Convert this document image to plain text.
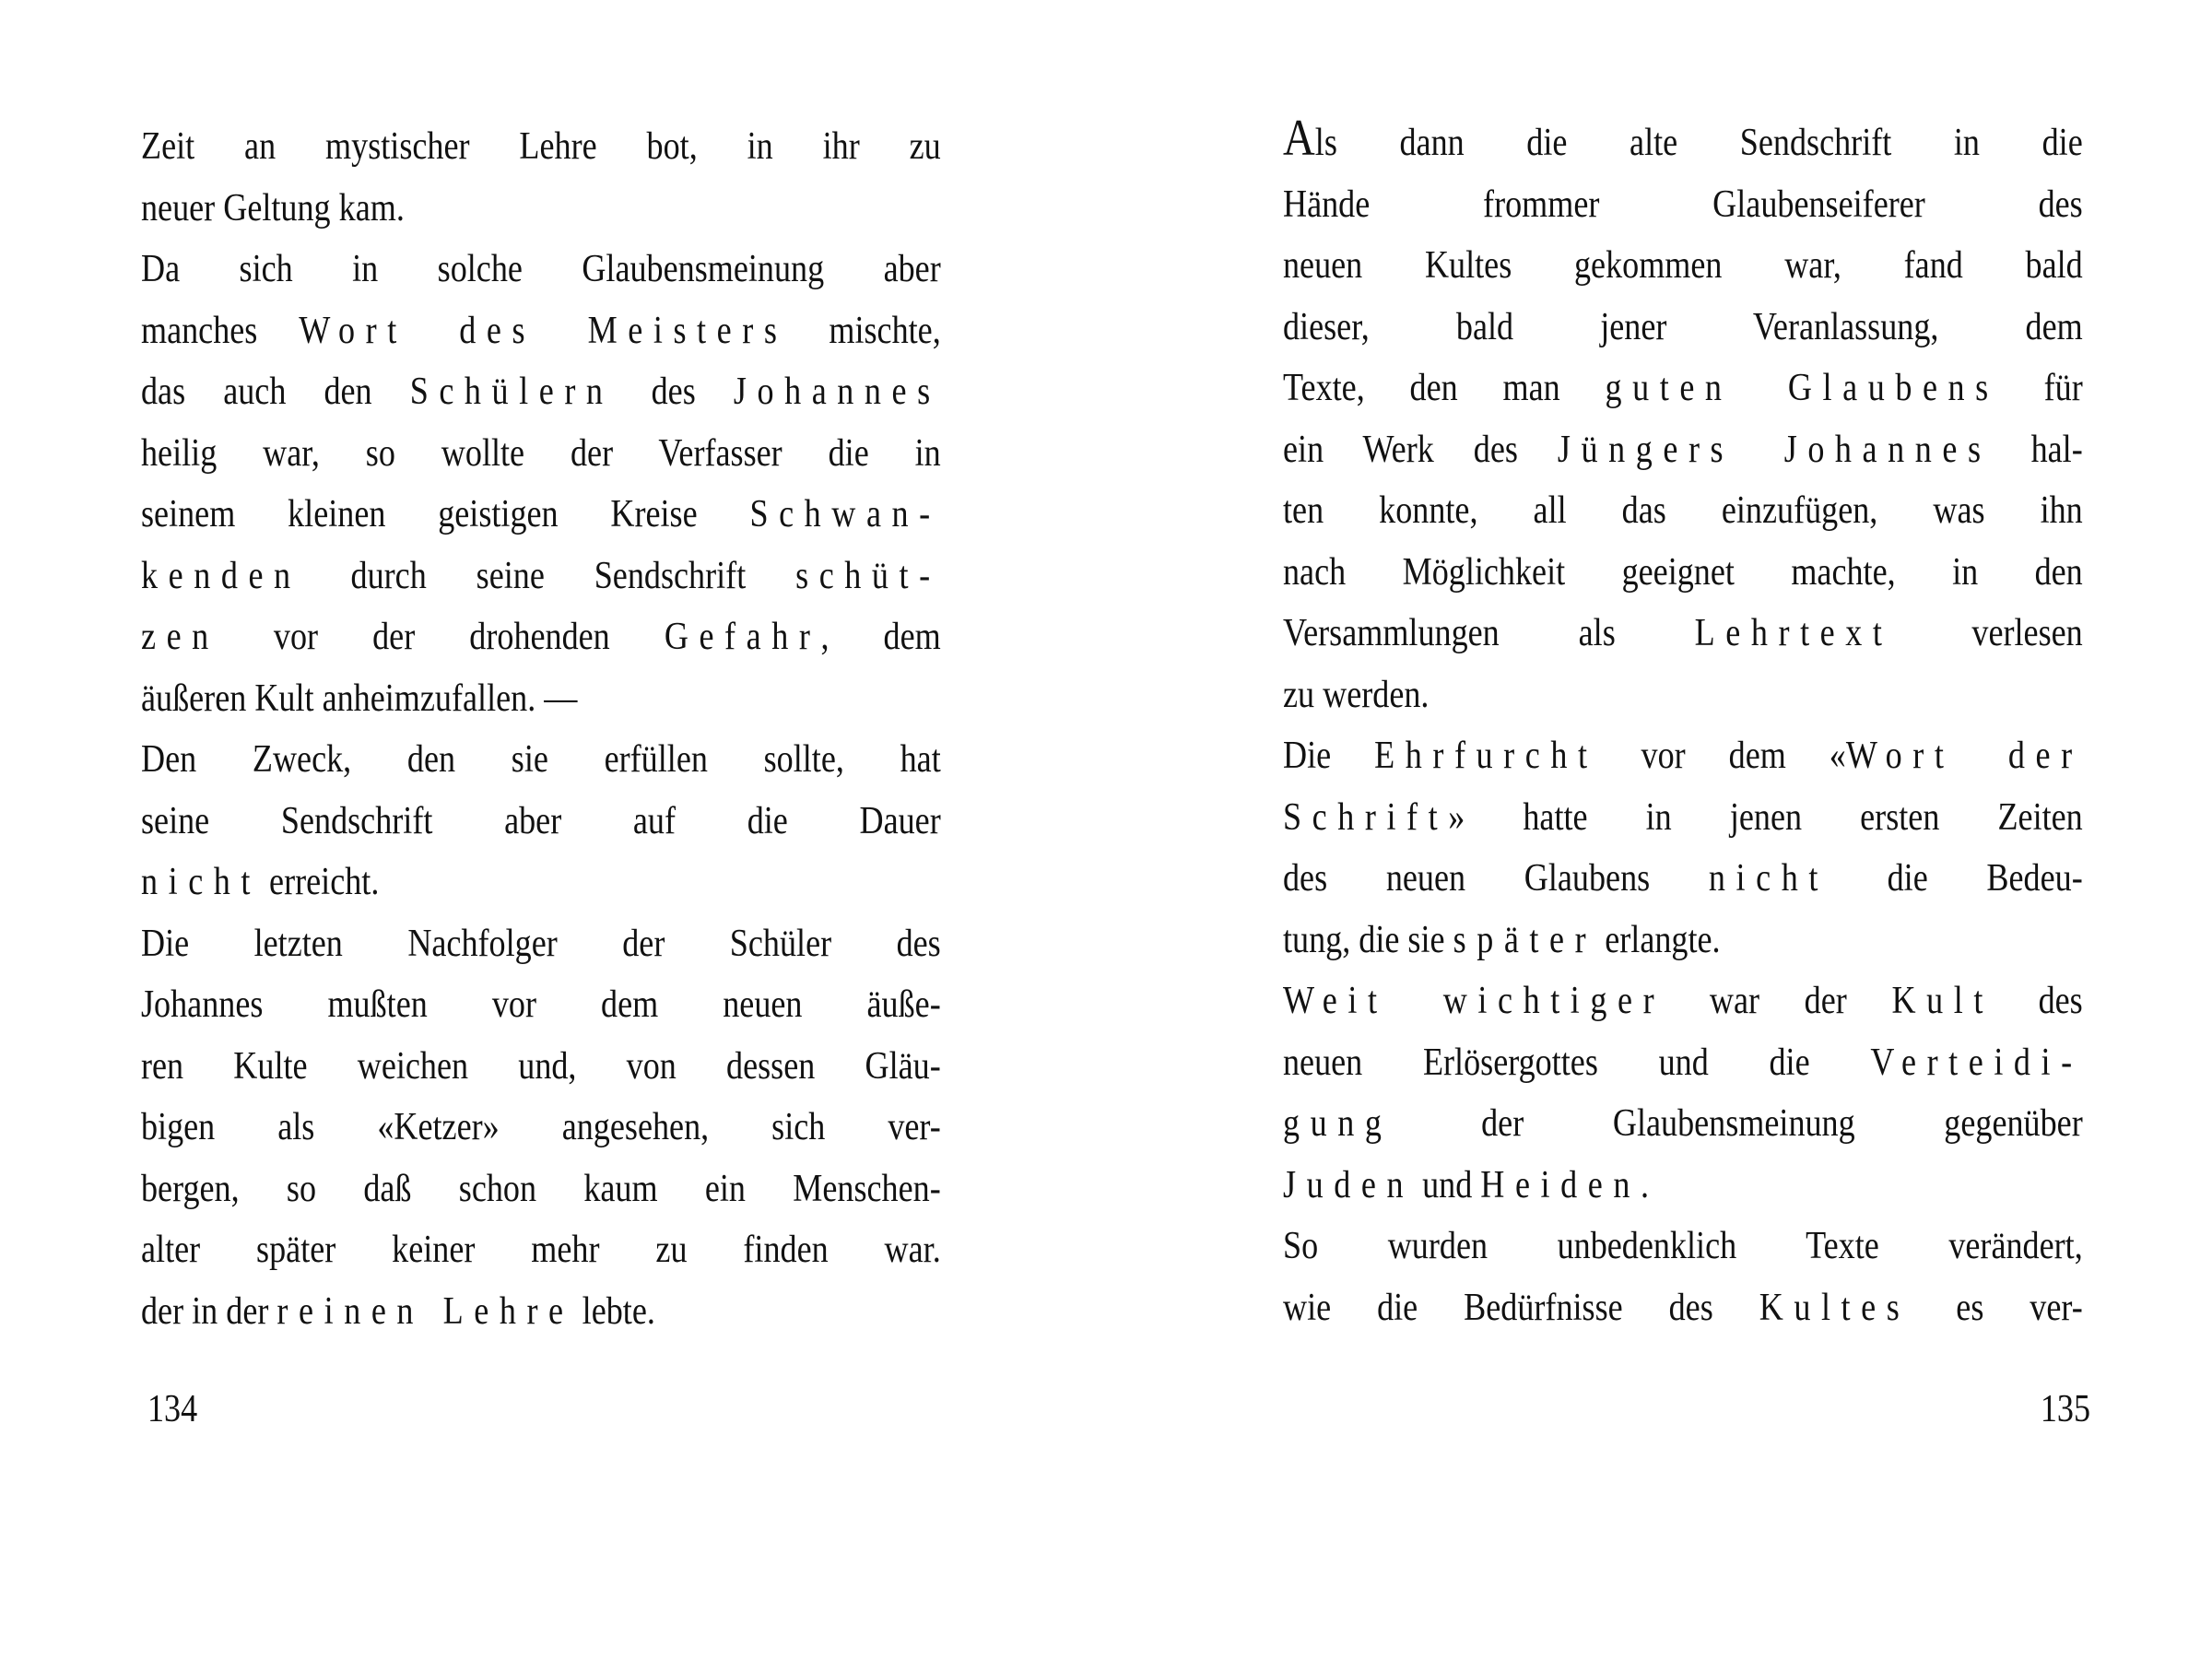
Zeit an mystischer Lehre bot, in ihr zu
neuer Geltung kam.
Da sich in solche Glaubensmeinung aber
manches Wort des Meisters mischte,
das auch den Schülern des Johannes
heilig war, so wollte der Verfasser die in
seinem kleinen geistigen Kreise Schwan-
kenden durch seine Sendschrift schüt-
zen vor der drohenden Gefahr, dem
äußeren Kult anheimzufallen. —
Den Zweck, den sie erfüllen sollte, hat
seine Sendschrift aber auf die Dauer
nicht erreicht.
Die letzten Nachfolger der Schüler des
Johannes mußten vor dem neuen äuße-
ren Kulte weichen und, von dessen Gläu-
bigen als «Ketzer» angesehen, sich ver-
bergen, so daß schon kaum ein Menschen-
alter später keiner mehr zu finden war.
der in der reinen Lehre lebte.
134
Als dann die alte Sendschrift in die
Hände frommer Glaubenseiferer des
neuen Kultes gekommen war, fand bald
dieser, bald jener Veranlassung, dem
Texte, den man guten Glaubens für
ein Werk des Jüngers Johannes hal-
ten konnte, all das einzufügen, was ihn
nach Möglichkeit geeignet machte, in den
Versammlungen als Lehrtext verlesen
zu werden.
Die Ehrfurcht vor dem «Wort der
Schrift» hatte in jenen ersten Zeiten
des neuen Glaubens nicht die Bedeu-
tung, die sie später erlangte.
Weit wichtiger war der Kult des
neuen Erlösergottes und die Verteidi-
gung der Glaubensmeinung gegenüber
Juden und Heiden.
So wurden unbedenklich Texte verändert,
wie die Bedürfnisse des Kultes es ver-
135
